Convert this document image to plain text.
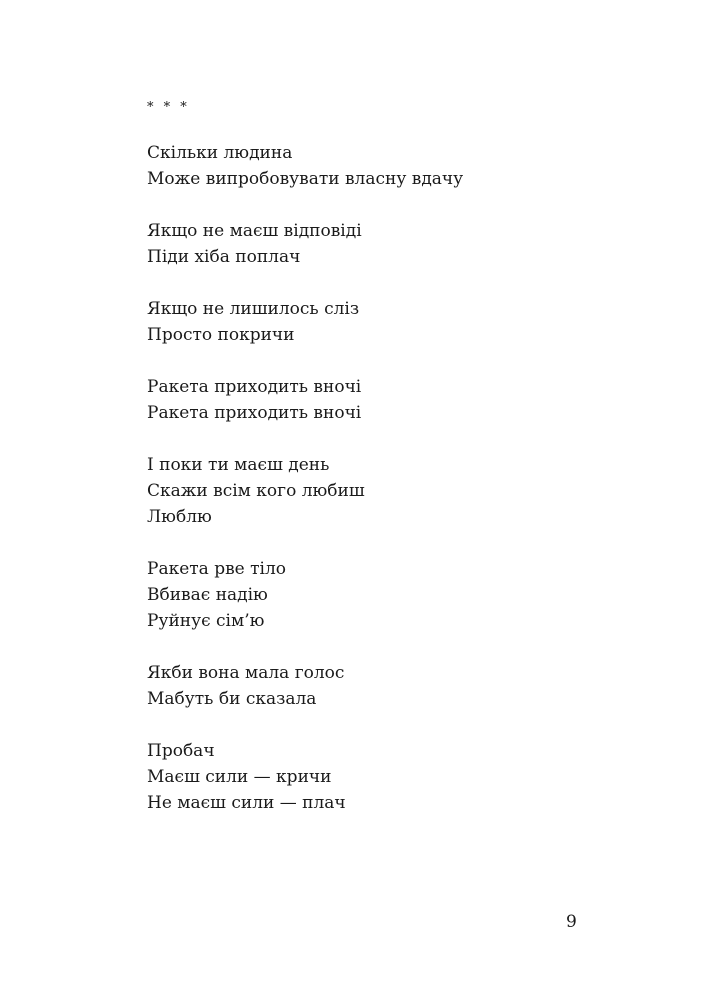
* * *
Скільки людина
Може випробовувати власну вдачу
Якщо не маєш відповіді
Піди хіба поплач
Якщо не лишилось сліз
Просто покричи
Ракета приходить вночі
Ракета приходить вночі
І поки ти маєш день
Скажи всім кого любиш
Люблю
Ракета рве тіло
Вбиває надію
Руйнує сім’ю
Якби вона мала голос
Мабуть би сказала
Пробач
Маєш сили — кричи
Не маєш сили — плач
9
